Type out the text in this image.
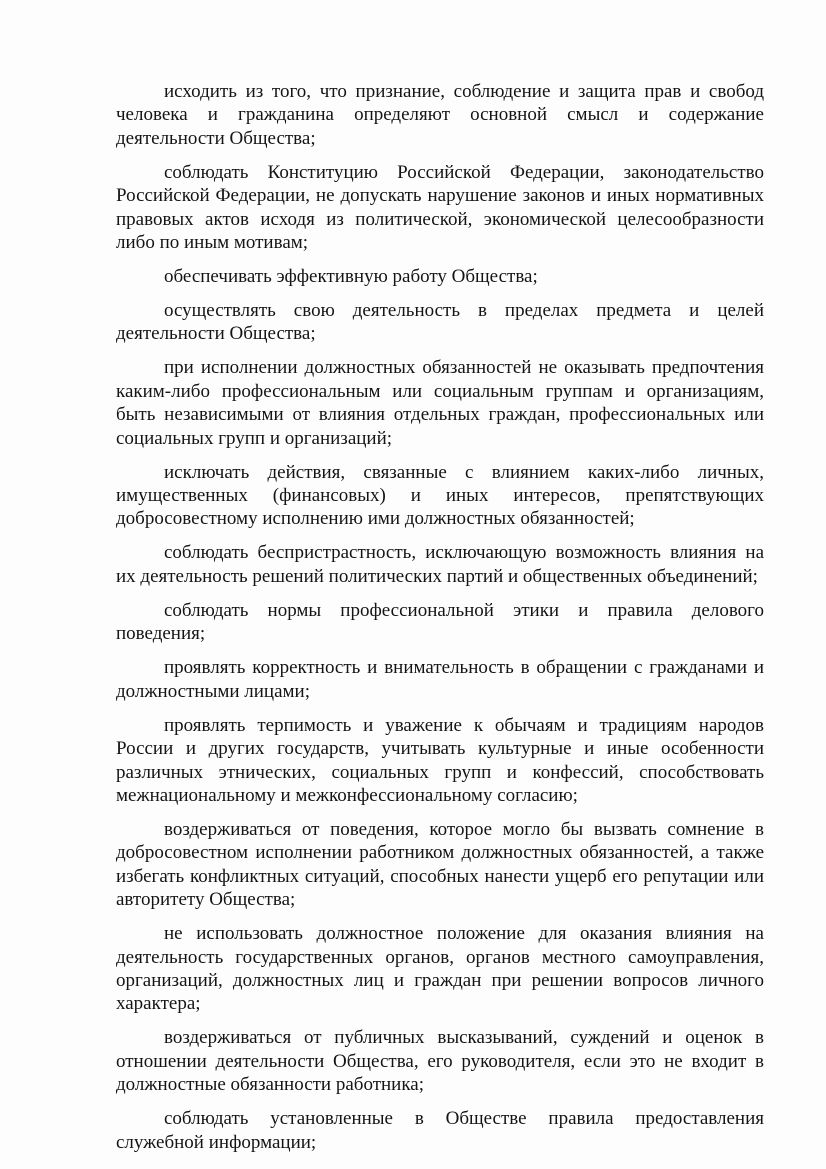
исходить из того, что признание, соблюдение и защита прав и свобод человека и гражданина определяют основной смысл и содержание деятельности Общества;

соблюдать Конституцию Российской Федерации, законодательство Российской Федерации, не допускать нарушение законов и иных нормативных правовых актов исходя из политической, экономической целесообразности либо по иным мотивам;

обеспечивать эффективную работу Общества;

осуществлять свою деятельность в пределах предмета и целей деятельности Общества;

при исполнении должностных обязанностей не оказывать предпочтения каким-либо профессиональным или социальным группам и организациям, быть независимыми от влияния отдельных граждан, профессиональных или социальных групп и организаций;

исключать действия, связанные с влиянием каких-либо личных, имущественных (финансовых) и иных интересов, препятствующих добросовестному исполнению ими должностных обязанностей;

соблюдать беспристрастность, исключающую возможность влияния на их деятельность решений политических партий и общественных объединений;

соблюдать нормы профессиональной этики и правила делового поведения;

проявлять корректность и внимательность в обращении с гражданами и должностными лицами;

проявлять терпимость и уважение к обычаям и традициям народов России и других государств, учитывать культурные и иные особенности различных этнических, социальных групп и конфессий, способствовать межнациональному и межконфессиональному согласию;

воздерживаться от поведения, которое могло бы вызвать сомнение в добросовестном исполнении работником должностных обязанностей, а также избегать конфликтных ситуаций, способных нанести ущерб его репутации или авторитету Общества;

не использовать должностное положение для оказания влияния на деятельность государственных органов, органов местного самоуправления, организаций, должностных лиц и граждан при решении вопросов личного характера;

воздерживаться от публичных высказываний, суждений и оценок в отношении деятельности Общества, его руководителя, если это не входит в должностные обязанности работника;

соблюдать установленные в Обществе правила предоставления служебной информации;
